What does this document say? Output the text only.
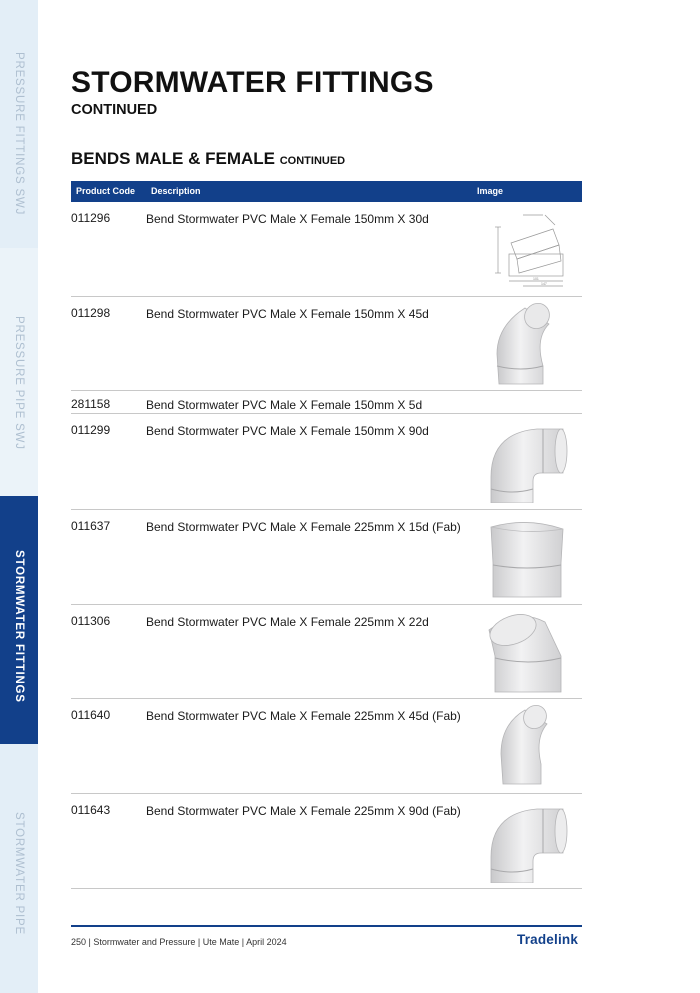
PRESSURE FITTINGS SWJ
PRESSURE PIPE SWJ
STORMWATER FITTINGS
STORMWATER PIPE
STORMWATER FITTINGS
CONTINUED
BENDS MALE & FEMALE CONTINUED
Product Code Description	Image
011296	Bend Stormwater PVC Male X Female 150mm X 30d
101
147
011298	Bend Stormwater PVC Male X Female 150mm X 45d
281158	Bend Stormwater PVC Male X Female 150mm X 5d
011299	Bend Stormwater PVC Male X Female 150mm X 90d
011637	Bend Stormwater PVC Male X Female 225mm X 15d (Fab)
011306	Bend Stormwater PVC Male X Female 225mm X 22d
011640	Bend Stormwater PVC Male X Female 225mm X 45d (Fab)
011643	Bend Stormwater PVC Male X Female 225mm X 90d (Fab)
250 | Stormwater and Pressure | Ute Mate | April 2024	Tradelink
